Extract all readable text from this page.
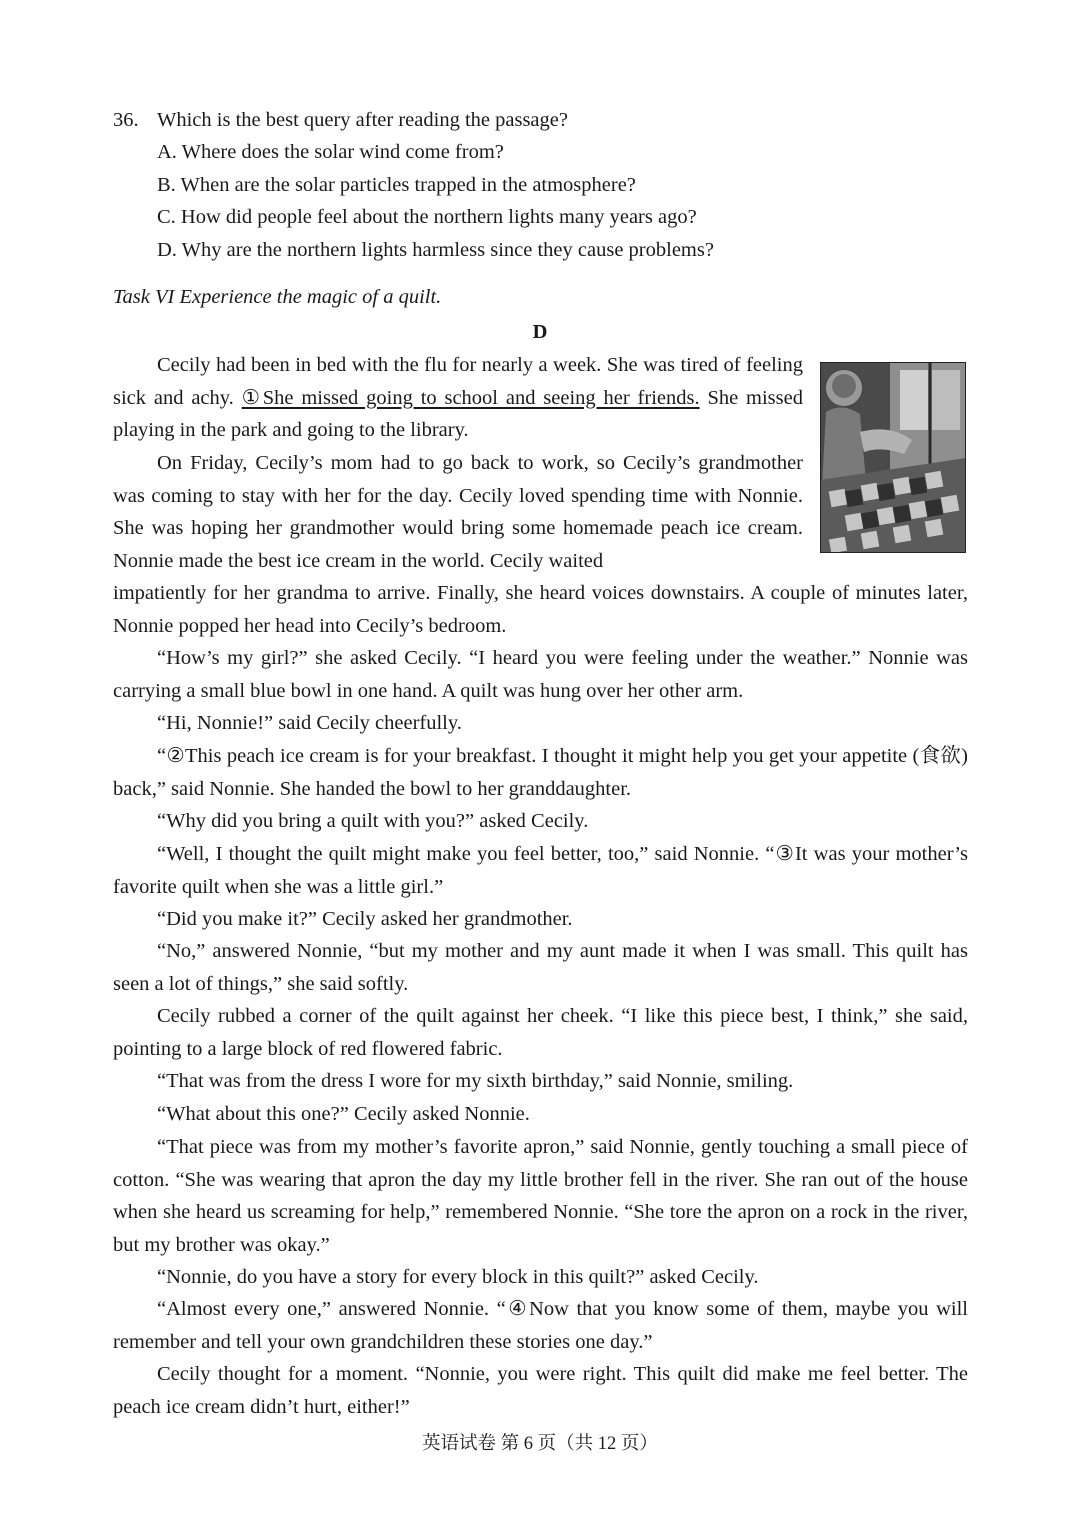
36. Which is the best query after reading the passage?
A. Where does the solar wind come from?
B. When are the solar particles trapped in the atmosphere?
C. How did people feel about the northern lights many years ago?
D. Why are the northern lights harmless since they cause problems?
Task VI Experience the magic of a quilt.
D

Cecily had been in bed with the flu for nearly a week. She was tired of feeling sick and achy. ①She missed going to school and seeing her friends. She missed playing in the park and going to the library.

On Friday, Cecily’s mom had to go back to work, so Cecily’s grandmother was coming to stay with her for the day. Cecily loved spending time with Nonnie. She was hoping her grandmother would bring some homemade peach ice cream. Nonnie made the best ice cream in the world. Cecily waited

impatiently for her grandma to arrive. Finally, she heard voices downstairs. A couple of minutes later, Nonnie popped her head into Cecily’s bedroom.

“How’s my girl?” she asked Cecily. “I heard you were feeling under the weather.” Nonnie was carrying a small blue bowl in one hand. A quilt was hung over her other arm.

“Hi, Nonnie!” said Cecily cheerfully.

“②This peach ice cream is for your breakfast. I thought it might help you get your appetite (食欲) back,” said Nonnie. She handed the bowl to her granddaughter.

“Why did you bring a quilt with you?” asked Cecily.

“Well, I thought the quilt might make you feel better, too,” said Nonnie. “③It was your mother’s favorite quilt when she was a little girl.”

“Did you make it?” Cecily asked her grandmother.

“No,” answered Nonnie, “but my mother and my aunt made it when I was small. This quilt has seen a lot of things,” she said softly.

Cecily rubbed a corner of the quilt against her cheek. “I like this piece best, I think,” she said, pointing to a large block of red flowered fabric.

“That was from the dress I wore for my sixth birthday,” said Nonnie, smiling.

“What about this one?” Cecily asked Nonnie.

“That piece was from my mother’s favorite apron,” said Nonnie, gently touching a small piece of cotton. “She was wearing that apron the day my little brother fell in the river. She ran out of the house when she heard us screaming for help,” remembered Nonnie. “She tore the apron on a rock in the river, but my brother was okay.”

“Nonnie, do you have a story for every block in this quilt?” asked Cecily.

“Almost every one,” answered Nonnie. “④Now that you know some of them, maybe you will remember and tell your own grandchildren these stories one day.”

Cecily thought for a moment. “Nonnie, you were right. This quilt did make me feel better. The peach ice cream didn’t hurt, either!”

英语试卷 第 6 页（共 12 页）
